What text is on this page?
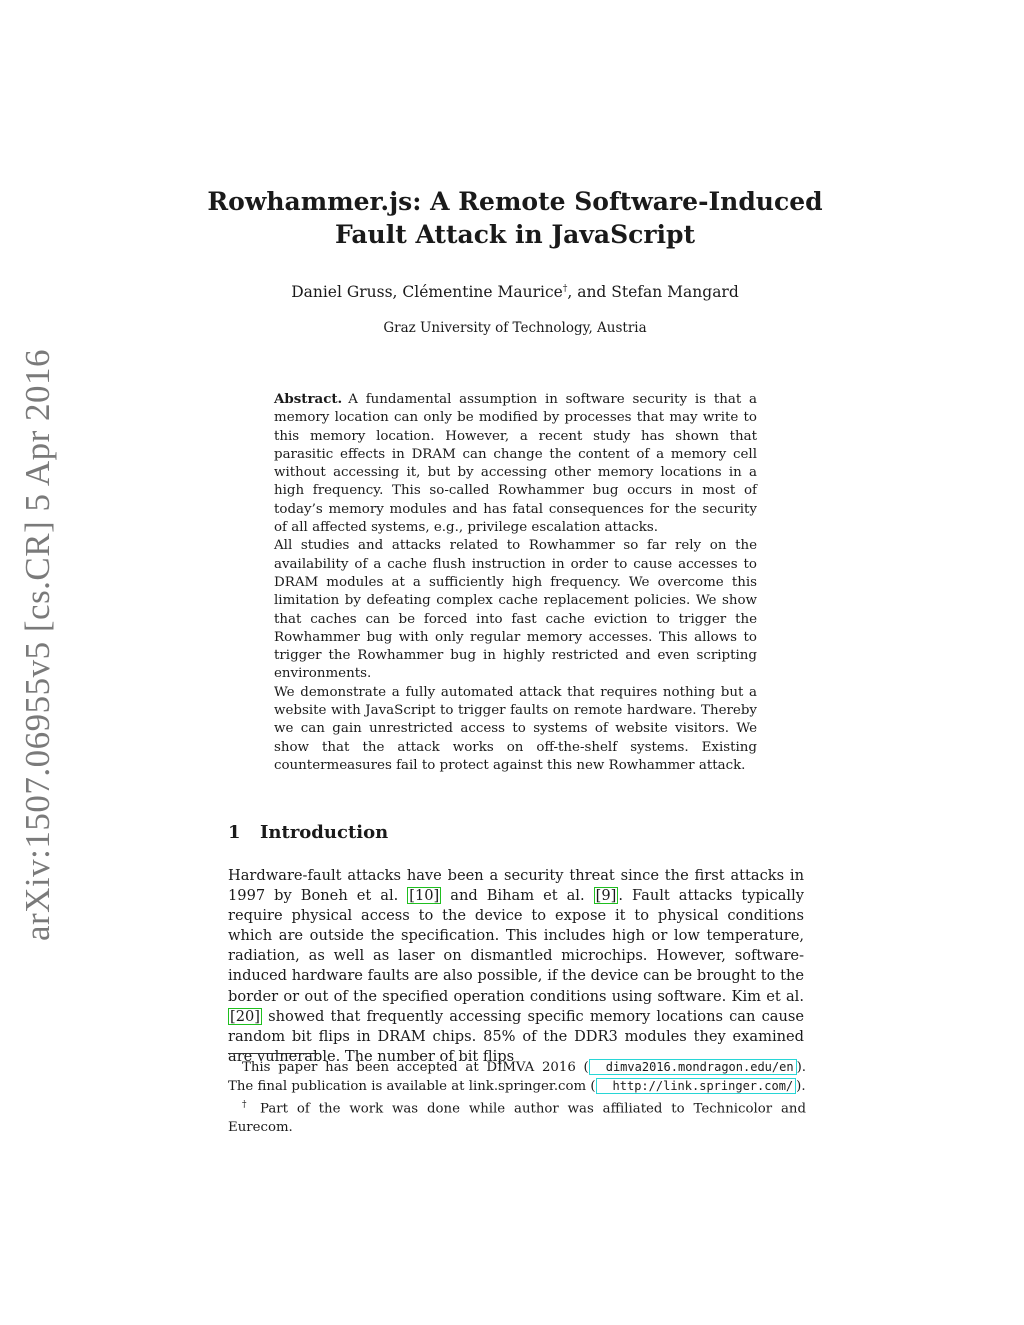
arXiv:1507.06955v5 [cs.CR] 5 Apr 2016
Rowhammer.js: A Remote Software-Induced
Fault Attack in JavaScript
Daniel Gruss, Clémentine Maurice†, and Stefan Mangard
Graz University of Technology, Austria

Abstract. A fundamental assumption in software security is that a memory location can only be modified by processes that may write to this memory location. However, a recent study has shown that parasitic effects in DRAM can change the content of a memory cell without accessing it, but by accessing other memory locations in a high frequency. This so-called Rowhammer bug occurs in most of today’s memory modules and has fatal consequences for the security of all affected systems, e.g., privilege escalation attacks.

All studies and attacks related to Rowhammer so far rely on the availability of a cache flush instruction in order to cause accesses to DRAM modules at a sufficiently high frequency. We overcome this limitation by defeating complex cache replacement policies. We show that caches can be forced into fast cache eviction to trigger the Rowhammer bug with only regular memory accesses. This allows to trigger the Rowhammer bug in highly restricted and even scripting environments.

We demonstrate a fully automated attack that requires nothing but a website with JavaScript to trigger faults on remote hardware. Thereby we can gain unrestricted access to systems of website visitors. We show that the attack works on off-the-shelf systems. Existing countermeasures fail to protect against this new Rowhammer attack.

1 Introduction

Hardware-fault attacks have been a security threat since the first attacks in 1997 by Boneh et al. [10] and Biham et al. [9] . Fault attacks typically require physical access to the device to expose it to physical conditions which are outside the specification. This includes high or low temperature, radiation, as well as laser on dismantled microchips. However, software-induced hardware faults are also possible, if the device can be brought to the border or out of the specified operation conditions using software. Kim et al. [20] showed that frequently accessing specific memory locations can cause random bit flips in DRAM chips. 85% of the DDR3 modules they examined are vulnerable. The number of bit flips

This paper has been accepted at DIMVA 2016 ( dimva2016.mondragon.edu/en ). The final publication is available at link.springer.com ( http://link.springer.com/ ).

† Part of the work was done while author was affiliated to Technicolor and Eurecom.
